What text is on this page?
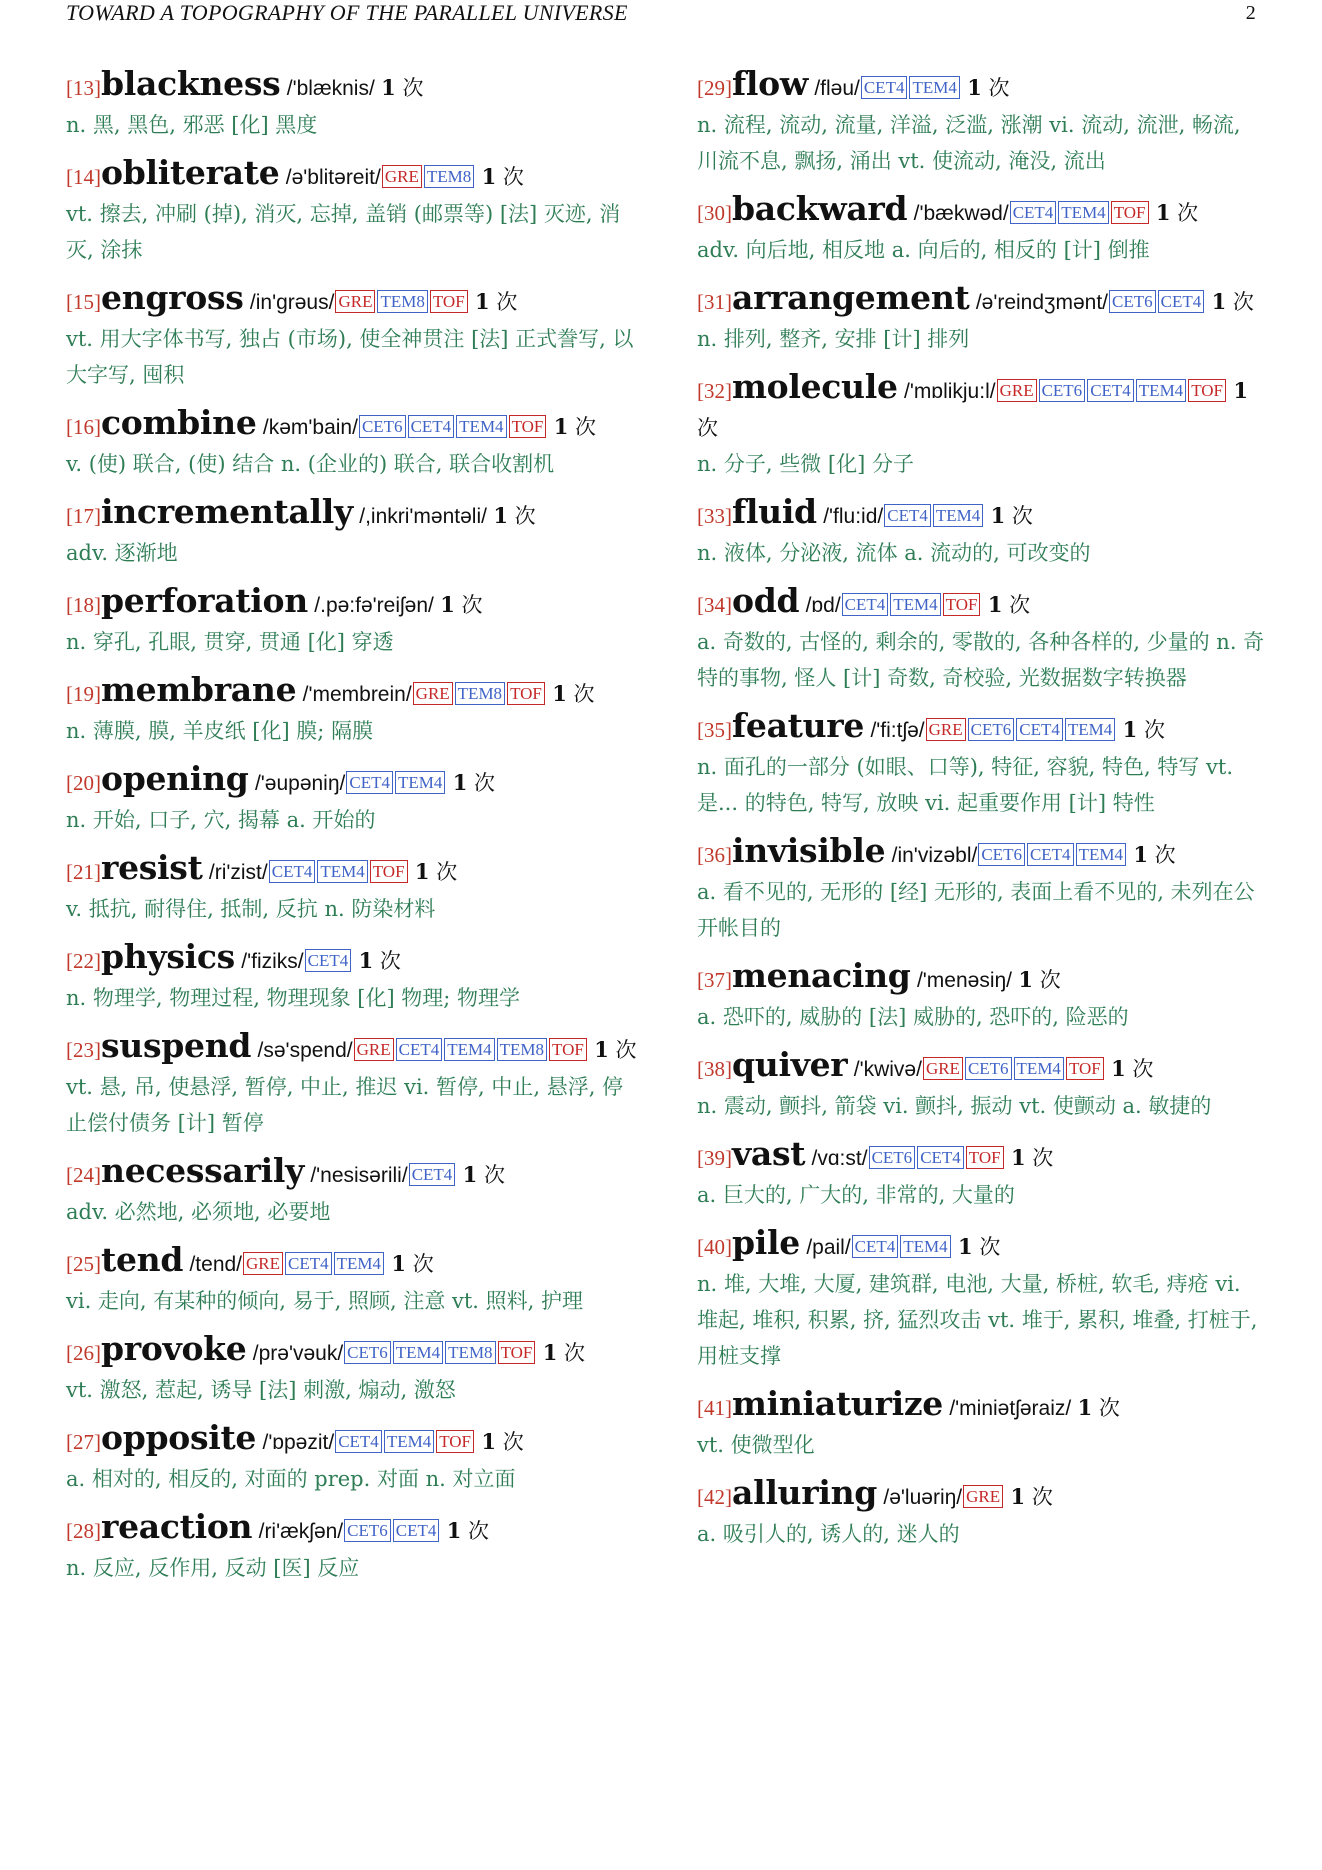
TOWARD A TOPOGRAPHY OF THE PARALLEL UNIVERSE	2
[13]blackness /'blæknis/ 1 次
n. 黑, 黑色, 邪恶 [化] 黑度
[14]obliterate /ə'blitəreit/ GRE TEM8 1 次
vt. 擦去, 冲刷 (掉), 消灭, 忘掉, 盖销 (邮票等) [法] 灭迹, 消灭, 涂抹
[15]engross /in'grəus/ GRE TEM8 TOF 1 次
vt. 用大字体书写, 独占 (市场), 使全神贯注 [法] 正式誊写, 以大字写, 囤积
[16]combine /kəm'bain/ CET6 CET4 TEM4 TOF 1 次
v. (使) 联合, (使) 结合 n. (企业的) 联合, 联合收割机
[17]incrementally /,inkri'məntəli/ 1 次
adv. 逐渐地
[18]perforation /.pə:fə'reiʃən/ 1 次
n. 穿孔, 孔眼, 贯穿, 贯通 [化] 穿透
[19]membrane /'membrein/ GRE TEM8 TOF 1 次
n. 薄膜, 膜, 羊皮纸 [化] 膜; 隔膜
[20]opening /'əupəniŋ/ CET4 TEM4 1 次
n. 开始, 口子, 穴, 揭幕 a. 开始的
[21]resist /ri'zist/ CET4 TEM4 TOF 1 次
v. 抵抗, 耐得住, 抵制, 反抗 n. 防染材料
[22]physics /'fiziks/ CET4 1 次
n. 物理学, 物理过程, 物理现象 [化] 物理; 物理学
[23]suspend /sə'spend/ GRE CET4 TEM4 TEM8 TOF 1 次
vt. 悬, 吊, 使悬浮, 暂停, 中止, 推迟 vi. 暂停, 中止, 悬浮, 停止偿付债务 [计] 暂停
[24]necessarily /'nesisərili/ CET4 1 次
adv. 必然地, 必须地, 必要地
[25]tend /tend/ GRE CET4 TEM4 1 次
vi. 走向, 有某种的倾向, 易于, 照顾, 注意 vt. 照料, 护理
[26]provoke /prə'vəuk/ CET6 TEM4 TEM8 TOF 1 次
vt. 激怒, 惹起, 诱导 [法] 刺激, 煽动, 激怒
[27]opposite /'ɒpəzit/ CET4 TEM4 TOF 1 次
a. 相对的, 相反的, 对面的 prep. 对面 n. 对立面
[28]reaction /ri'ækʃən/ CET6 CET4 1 次
n. 反应, 反作用, 反动 [医] 反应
[29]flow /fləu/ CET4 TEM4 1 次
n. 流程, 流动, 流量, 洋溢, 泛滥, 涨潮 vi. 流动, 流泄, 畅流, 川流不息, 飘扬, 涌出 vt. 使流动, 淹没, 流出
[30]backward /'bækwəd/ CET4 TEM4 TOF 1 次
adv. 向后地, 相反地 a. 向后的, 相反的 [计] 倒推
[31]arrangement /ə'reindʒmənt/ CET6 CET4 1 次
n. 排列, 整齐, 安排 [计] 排列
[32]molecule /'mɒlikju:l/ GRE CET6 CET4 TEM4 TOF 1 次
n. 分子, 些微 [化] 分子
[33]fluid /'flu:id/ CET4 TEM4 1 次
n. 液体, 分泌液, 流体 a. 流动的, 可改变的
[34]odd /ɒd/ CET4 TEM4 TOF 1 次
a. 奇数的, 古怪的, 剩余的, 零散的, 各种各样的, 少量的 n. 奇特的事物, 怪人 [计] 奇数, 奇校验, 光数据数字转换器
[35]feature /'fi:tʃə/ GRE CET6 CET4 TEM4 1 次
n. 面孔的一部分 (如眼、口等), 特征, 容貌, 特色, 特写 vt. 是... 的特色, 特写, 放映 vi. 起重要作用 [计] 特性
[36]invisible /in'vizəbl/ CET6 CET4 TEM4 1 次
a. 看不见的, 无形的 [经] 无形的, 表面上看不见的, 未列在公开帐目的
[37]menacing /'menəsiŋ/ 1 次
a. 恐吓的, 威胁的 [法] 威胁的, 恐吓的, 险恶的
[38]quiver /'kwivə/ GRE CET6 TEM4 TOF 1 次
n. 震动, 颤抖, 箭袋 vi. 颤抖, 振动 vt. 使颤动 a. 敏捷的
[39]vast /vɑ:st/ CET6 CET4 TOF 1 次
a. 巨大的, 广大的, 非常的, 大量的
[40]pile /pail/ CET4 TEM4 1 次
n. 堆, 大堆, 大厦, 建筑群, 电池, 大量, 桥桩, 软毛, 痔疮 vi. 堆起, 堆积, 积累, 挤, 猛烈攻击 vt. 堆于, 累积, 堆叠, 打桩于, 用桩支撑
[41]miniaturize /'miniətʃəraiz/ 1 次
vt. 使微型化
[42]alluring /ə'luəriŋ/ GRE 1 次
a. 吸引人的, 诱人的, 迷人的
